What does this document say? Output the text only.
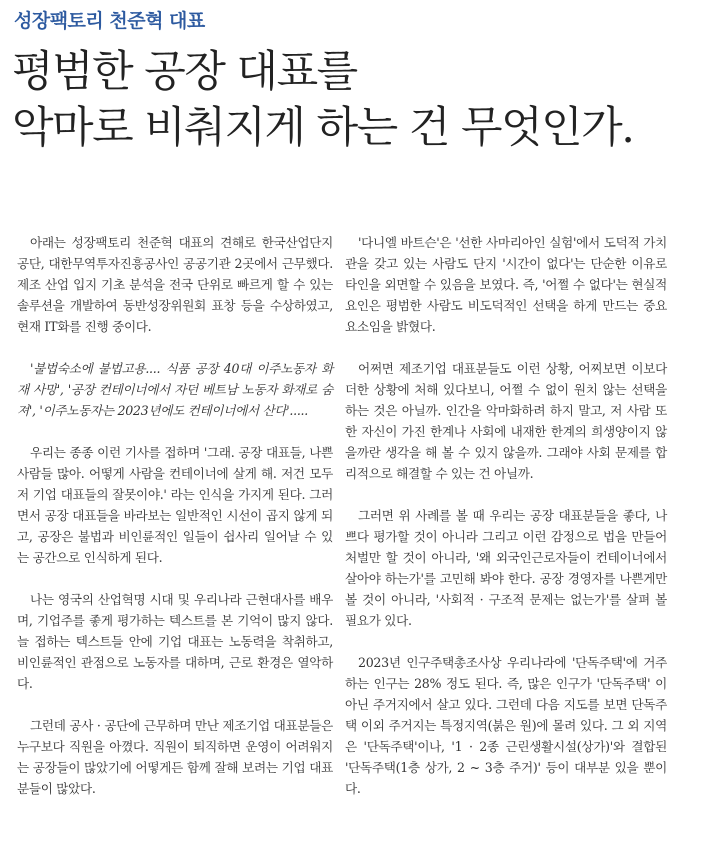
성장팩토리 천준혁 대표
평범한 공장 대표를
악마로 비춰지게 하는 건 무엇인가.

아래는 성장팩토리 천준혁 대표의 견해로 한국산업단지공단, 대한무역투자진흥공사인 공공기관 2곳에서 근무했다. 제조 산업 입지 기초 분석을 전국 단위로 빠르게 할 수 있는 솔루션을 개발하여 동반성장위원회 표창 등을 수상하였고, 현재 IT화를 진행 중이다.

'불법숙소에 불법고용.... 식품 공장 40대 이주노동자 화재 사망', '공장 컨테이너에서 자던 베트남 노동자 화재로 숨져', '이주노동자는 2023년에도 컨테이너에서 산다'.....

우리는 종종 이런 기사를 접하며 '그래. 공장 대표들, 나쁜 사람들 많아. 어떻게 사람을 컨테이너에 살게 해. 저건 모두 저 기업 대표들의 잘못이야.' 라는 인식을 가지게 된다. 그러면서 공장 대표들을 바라보는 일반적인 시선이 곱지 않게 되고, 공장은 불법과 비인륜적인 일들이 쉽사리 일어날 수 있는 공간으로 인식하게 된다.

나는 영국의 산업혁명 시대 및 우리나라 근현대사를 배우며, 기업주를 좋게 평가하는 텍스트를 본 기억이 많지 않다. 늘 접하는 텍스트들 안에 기업 대표는 노동력을 착취하고, 비인륜적인 관점으로 노동자를 대하며, 근로 환경은 열악하다.

그런데 공사 · 공단에 근무하며 만난 제조기업 대표분들은 누구보다 직원을 아꼈다. 직원이 퇴직하면 운영이 어려워지는 공장들이 많았기에 어떻게든 함께 잘해 보려는 기업 대표분들이 많았다.

'다니엘 바트슨'은 '선한 사마리아인 실험'에서 도덕적 가치관을 갖고 있는 사람도 단지 '시간이 없다'는 단순한 이유로 타인을 외면할 수 있음을 보였다. 즉, '어쩔 수 없다'는 현실적 요인은 평범한 사람도 비도덕적인 선택을 하게 만드는 중요 요소임을 밝혔다.

어쩌면 제조기업 대표분들도 이런 상황, 어찌보면 이보다 더한 상황에 처해 있다보니, 어쩔 수 없이 원치 않는 선택을 하는 것은 아닐까. 인간을 악마화하려 하지 말고, 저 사람 또한 자신이 가진 한계나 사회에 내재한 한계의 희생양이지 않을까란 생각을 해 볼 수 있지 않을까. 그래야 사회 문제를 합리적으로 해결할 수 있는 건 아닐까.

그러면 위 사례를 볼 때 우리는 공장 대표분들을 좋다, 나쁘다 평가할 것이 아니라 그리고 이런 감정으로 법을 만들어 처벌만 할 것이 아니라, '왜 외국인근로자들이 컨테이너에서 살아야 하는가'를 고민해 봐야 한다. 공장 경영자를 나쁜게만 볼 것이 아니라, '사회적 · 구조적 문제는 없는가'를 살펴 볼 필요가 있다.

2023년 인구주택총조사상 우리나라에 '단독주택'에 거주하는 인구는 28% 정도 된다. 즉, 많은 인구가 '단독주택' 이 아닌 주거지에서 살고 있다. 그런데 다음 지도를 보면 단독주택 이외 주거지는 특정지역(붉은 원)에 몰려 있다. 그 외 지역은 '단독주택'이나, '1 · 2종 근린생활시설(상가)'와 결합된 '단독주택(1층 상가, 2 ~ 3층 주거)' 등이 대부분 있을 뿐이다.
